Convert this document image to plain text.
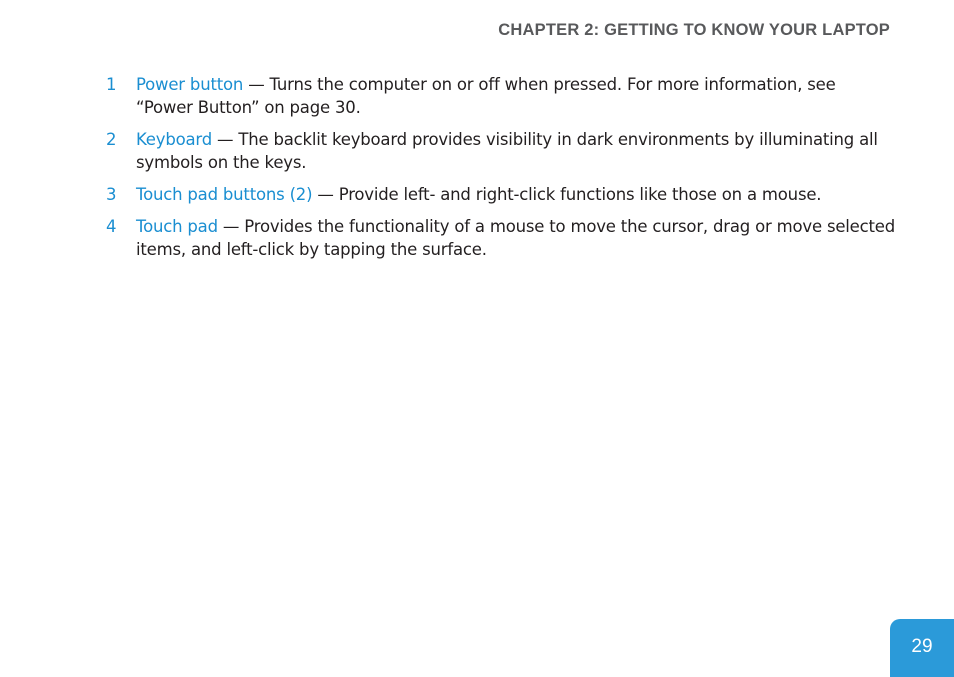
CHAPTER 2: GETTING TO KNOW YOUR LAPTOP
1	Power button — Turns the computer on or off when pressed. For more information, see “Power Button” on page 30.
2	Keyboard — The backlit keyboard provides visibility in dark environments by illuminating all symbols on the keys.
3	Touch pad buttons (2) — Provide left- and right-click functions like those on a mouse.
4	Touch pad — Provides the functionality of a mouse to move the cursor, drag or move selected items, and left-click by tapping the surface.
29
